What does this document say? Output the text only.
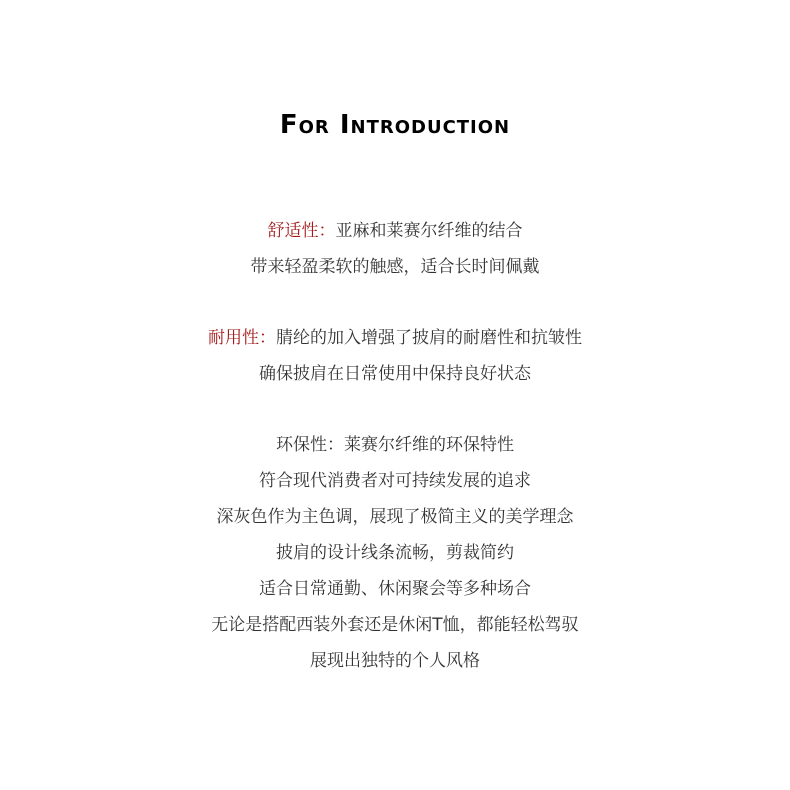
For Introduction
舒适性：亚麻和莱赛尔纤维的结合
带来轻盈柔软的触感，适合长时间佩戴
耐用性：腈纶的加入增强了披肩的耐磨性和抗皱性
确保披肩在日常使用中保持良好状态
环保性：莱赛尔纤维的环保特性
符合现代消费者对可持续发展的追求
深灰色作为主色调，展现了极简主义的美学理念
披肩的设计线条流畅，剪裁简约
适合日常通勤、休闲聚会等多种场合
无论是搭配西装外套还是休闲T恤，都能轻松驾驭
展现出独特的个人风格
